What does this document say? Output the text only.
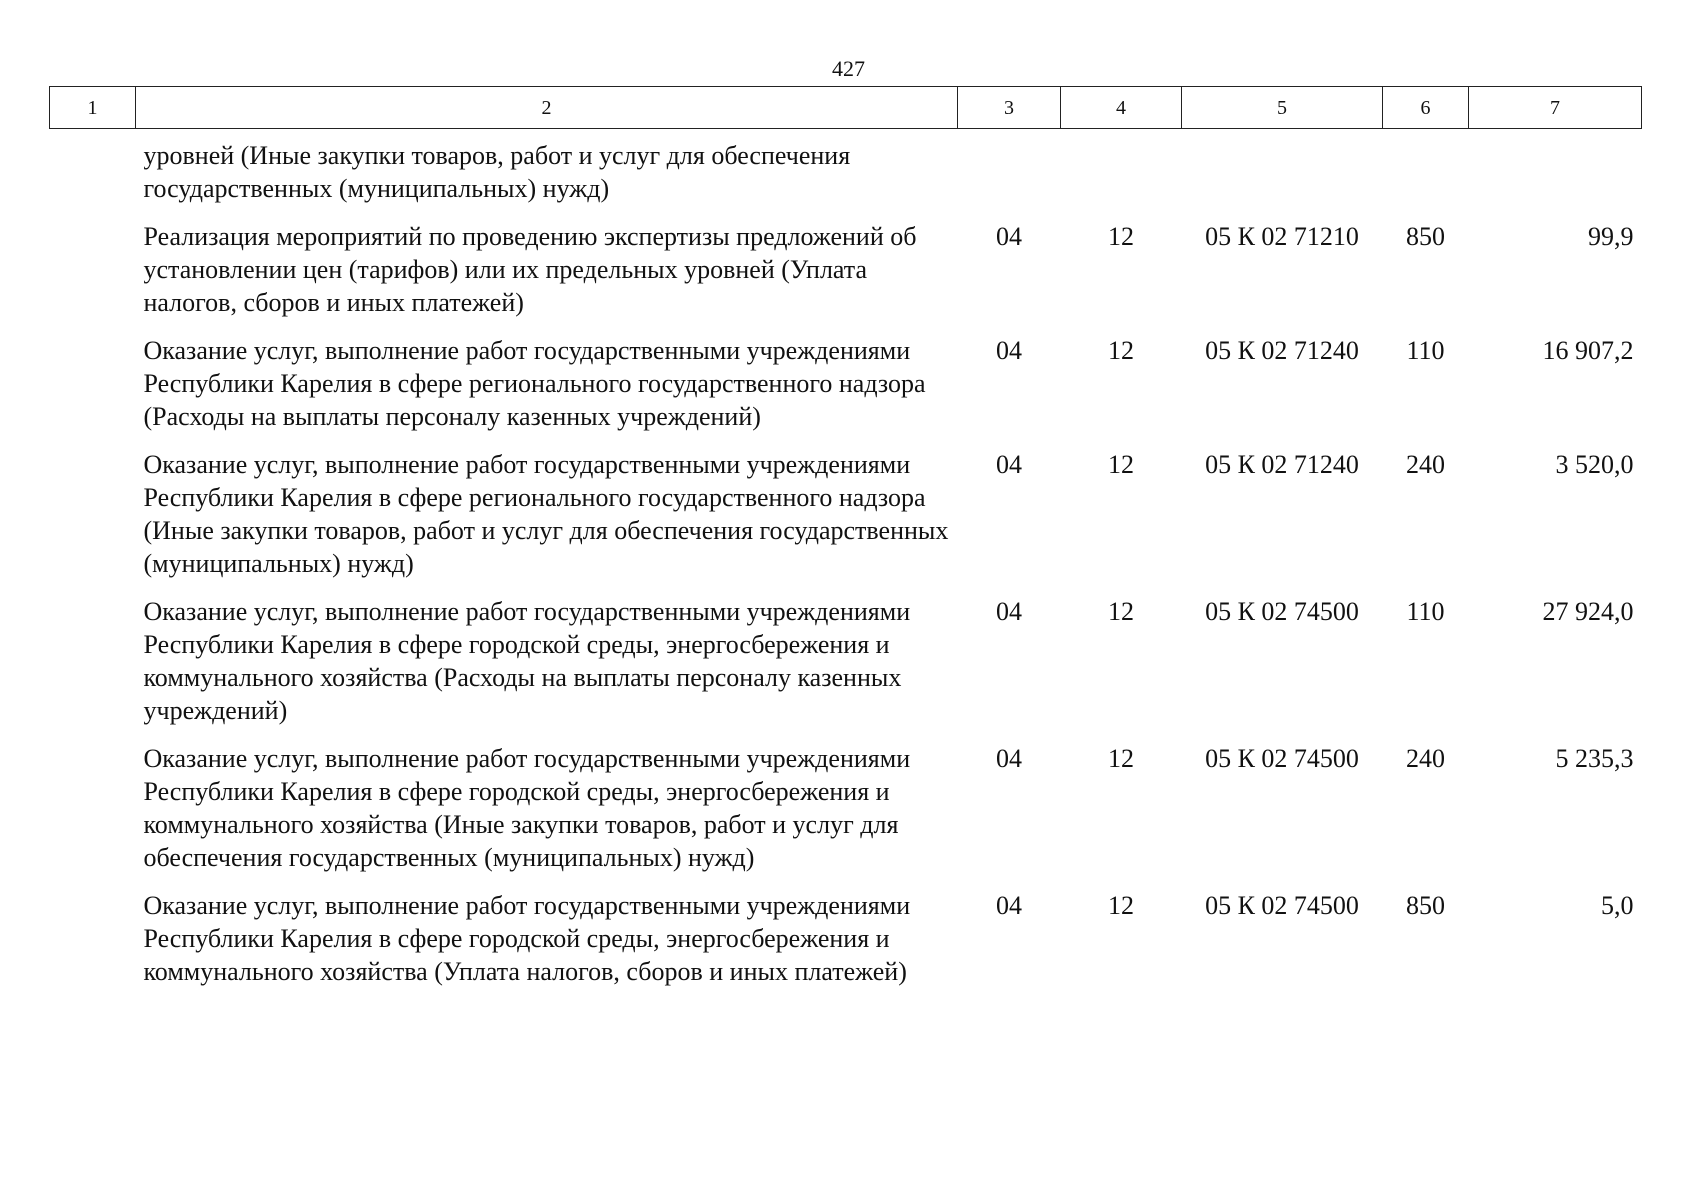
427
1	2	3	4	5	6	7
уровней (Иные закупки товаров, работ и услуг для обеспечения государственных (муниципальных) нужд)						
Реализация мероприятий по проведению экспертизы предложений об установлении цен (тарифов) или их предельных уровней (Уплата налогов, сборов и иных платежей)		04	12	05 К 02 71210	850	99,9
Оказание услуг, выполнение работ государственными учреждениями Республики Карелия в сфере регионального государственного надзора (Расходы на выплаты персоналу казенных учреждений)		04	12	05 К 02 71240	110	16 907,2
Оказание услуг, выполнение работ государственными учреждениями Республики Карелия в сфере регионального государственного надзора (Иные закупки товаров, работ и услуг для обеспечения государственных (муниципальных) нужд)		04	12	05 К 02 71240	240	3 520,0
Оказание услуг, выполнение работ государственными учреждениями Республики Карелия в сфере городской среды, энергосбережения и коммунального хозяйства (Расходы на выплаты персоналу казенных учреждений)		04	12	05 К 02 74500	110	27 924,0
Оказание услуг, выполнение работ государственными учреждениями Республики Карелия в сфере городской среды, энергосбережения и коммунального хозяйства (Иные закупки товаров, работ и услуг для обеспечения государственных (муниципальных) нужд)		04	12	05 К 02 74500	240	5 235,3
Оказание услуг, выполнение работ государственными учреждениями Республики Карелия в сфере городской среды, энергосбережения и коммунального хозяйства (Уплата налогов, сборов и иных платежей)		04	12	05 К 02 74500	850	5,0
